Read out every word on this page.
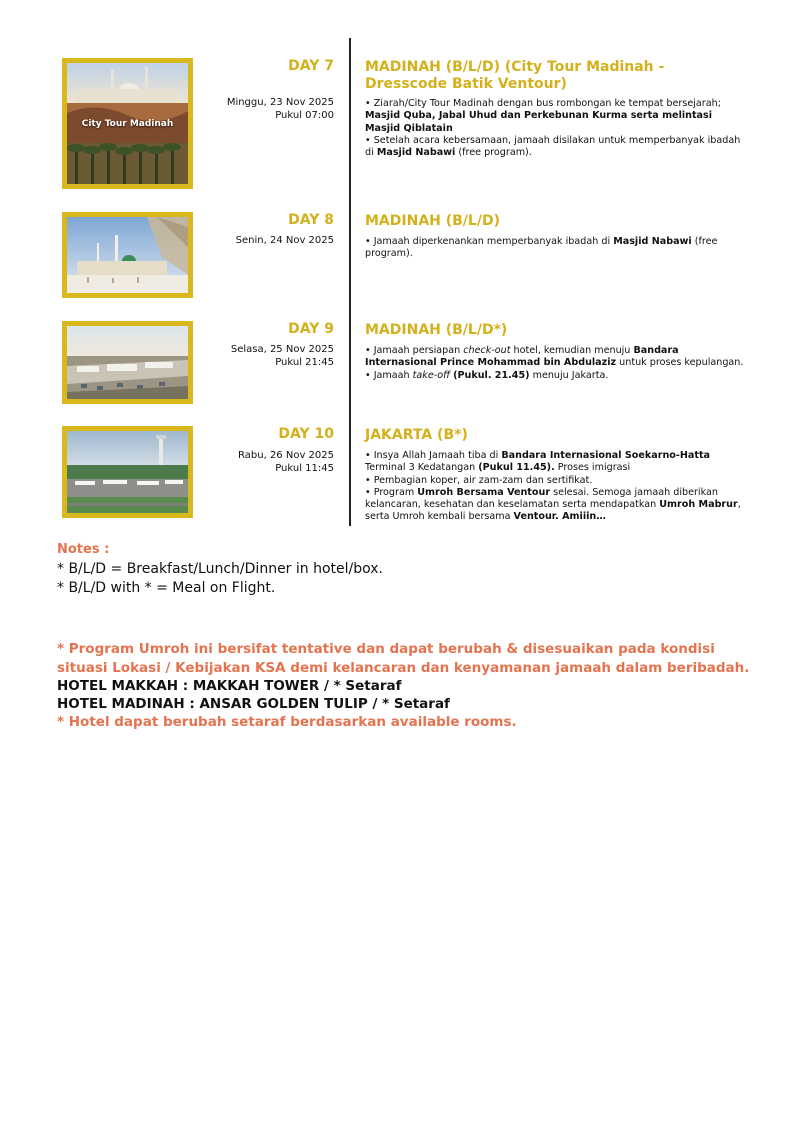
City Tour Madinah
DAY 7
Minggu, 23 Nov 2025
Pukul 07:00
MADINAH (B/L/D) (City Tour Madinah - Dresscode Batik Ventour)

• Ziarah/City Tour Madinah dengan bus rombongan ke tempat bersejarah; Masjid Quba, Jabal Uhud dan Perkebunan Kurma serta melintasi Masjid Qiblatain

• Setelah acara kebersamaan, jamaah disilakan untuk memperbanyak ibadah di Masjid Nabawi (free program).

DAY 8
Senin, 24 Nov 2025
MADINAH (B/L/D)

• Jamaah diperkenankan memperbanyak ibadah di Masjid Nabawi (free program).

DAY 9
Selasa, 25 Nov 2025
Pukul 21:45
MADINAH (B/L/D*)

• Jamaah persiapan check-out hotel, kemudian menuju Bandara Internasional Prince Mohammad bin Abdulaziz untuk proses kepulangan.

• Jamaah take-off (Pukul. 21.45) menuju Jakarta.

DAY 10
Rabu, 26 Nov 2025
Pukul 11:45
JAKARTA (B*)

• Insya Allah Jamaah tiba di Bandara Internasional Soekarno-Hatta Terminal 3 Kedatangan (Pukul 11.45). Proses imigrasi

• Pembagian koper, air zam-zam dan sertifikat.

• Program Umroh Bersama Ventour selesai. Semoga jamaah diberikan kelancaran, kesehatan dan keselamatan serta mendapatkan Umroh Mabrur, serta Umroh kembali bersama Ventour. Amiiin…

Notes :

* B/L/D = Breakfast/Lunch/Dinner in hotel/box.

* B/L/D with * = Meal on Flight.

* Program Umroh ini bersifat tentative dan dapat berubah & disesuaikan pada kondisi situasi Lokasi / Kebijakan KSA demi kelancaran dan kenyamanan jamaah dalam beribadah.

HOTEL MAKKAH : MAKKAH TOWER / * Setaraf

HOTEL MADINAH : ANSAR GOLDEN TULIP / * Setaraf

* Hotel dapat berubah setaraf berdasarkan available rooms.
